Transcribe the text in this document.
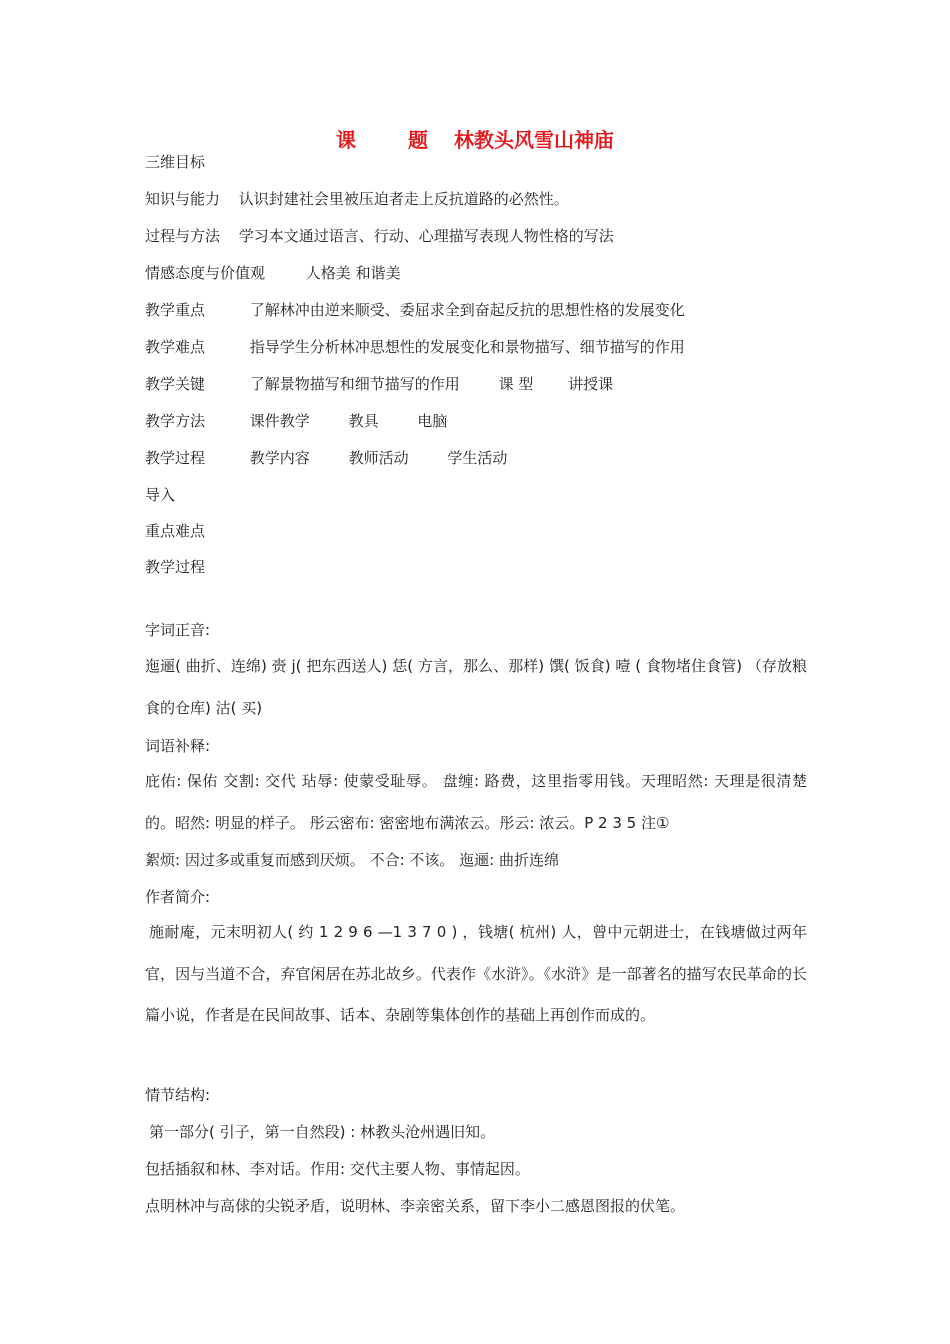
课	题 林教头风雪山神庙
三维目标
知识与能力 认识封建社会里被压迫者走上反抗道路的必然性。
过程与方法 学习本文通过语言、行动、心理描写表现人物性格的写法
情感态度与价值观	人格美 和谐美
教学重点	了解林冲由逆来顺受、委屈求全到奋起反抗的思想性格的发展变化
教学难点	指导学生分析林冲思想性的发展变化和景物描写、细节描写的作用
教学关键	了解景物描写和细节描写的作用	课 型 讲授课
教学方法	课件教学	教具	电脑
教学过程	教学内容	教师活动	学生活动
导入
重点难点
教学过程
字词正音:
迤逦( 曲折、连绵) 赍 j( 把东西送人) 恁( 方言，那么、那样) 馔( 饭食) 噎 ( 食物堵住食管) （存放粮食的仓库) 沽( 买)
词语补释:
庇佑: 保佑 交割: 交代 玷辱: 使蒙受耻辱。 盘缠: 路费，这里指零用钱。天理昭然: 天理是很清楚的。昭然: 明显的样子。 彤云密布: 密密地布满浓云。彤云: 浓云。P 2 3 5 注①
絮烦: 因过多或重复而感到厌烦。 不合: 不该。 迤逦: 曲折连绵
作者简介:
施耐庵，元末明初人( 约 1 2 9 6 —1 3 7 0 ) ，钱塘( 杭州) 人，曾中元朝进士，在钱塘做过两年官，因与当道不合，弃官闲居在苏北故乡。代表作《水浒》。《水浒》是一部著名的描写农民革命的长篇小说，作者是在民间故事、话本、杂剧等集体创作的基础上再创作而成的。
情节结构:
第一部分( 引子，第一自然段) : 林教头沧州遇旧知。
包括插叙和林、李对话。作用: 交代主要人物、事情起因。
点明林冲与高俅的尖锐矛盾，说明林、李亲密关系，留下李小二感恩图报的伏笔。
